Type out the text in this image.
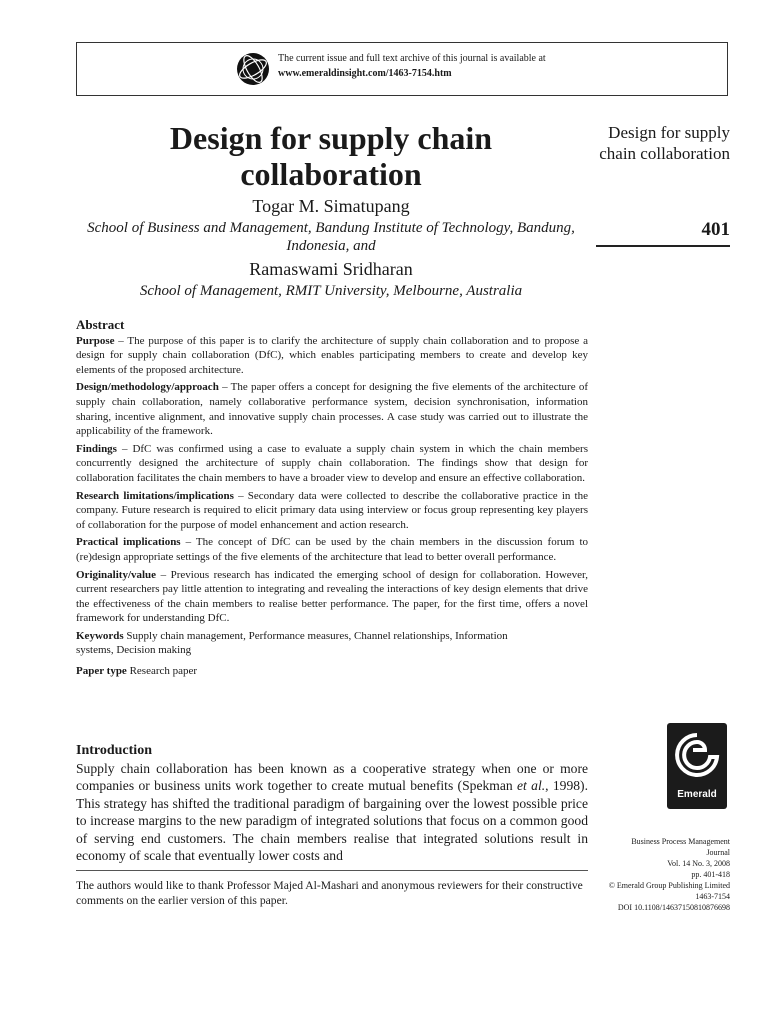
The current issue and full text archive of this journal is available at
www.emeraldinsight.com/1463-7154.htm
Design for supply chain collaboration
Togar M. Simatupang
School of Business and Management, Bandung Institute of Technology, Bandung, Indonesia, and
Ramaswami Sridharan
School of Management, RMIT University, Melbourne, Australia
Design for supply chain collaboration
401
Abstract

Purpose – The purpose of this paper is to clarify the architecture of supply chain collaboration and to propose a design for supply chain collaboration (DfC), which enables participating members to create and develop key elements of the proposed architecture.

Design/methodology/approach – The paper offers a concept for designing the five elements of the architecture of supply chain collaboration, namely collaborative performance system, decision synchronisation, information sharing, incentive alignment, and innovative supply chain processes. A case study was carried out to illustrate the applicability of the framework.

Findings – DfC was confirmed using a case to evaluate a supply chain system in which the chain members concurrently designed the architecture of supply chain collaboration. The findings show that design for collaboration facilitates the chain members to have a broader view to develop and ensure an effective collaboration.

Research limitations/implications – Secondary data were collected to describe the collaborative practice in the company. Future research is required to elicit primary data using interview or focus group representing key players of collaboration for the purpose of model enhancement and action research.

Practical implications – The concept of DfC can be used by the chain members in the discussion forum to (re)design appropriate settings of the five elements of the architecture that lead to better overall performance.

Originality/value – Previous research has indicated the emerging school of design for collaboration. However, current researchers pay little attention to integrating and revealing the interactions of key design elements that drive the effectiveness of the chain members to realise better performance. The paper, for the first time, offers a novel framework for understanding DfC.

Keywords Supply chain management, Performance measures, Channel relationships, Information systems, Decision making

Paper type Research paper

Introduction

Supply chain collaboration has been known as a cooperative strategy when one or more companies or business units work together to create mutual benefits (Spekman et al., 1998). This strategy has shifted the traditional paradigm of bargaining over the lowest possible price to increase margins to the new paradigm of integrated solutions that focus on a common good of serving end customers. The chain members realise that integrated solutions result in economy of scale that eventually lower costs and

The authors would like to thank Professor Majed Al-Mashari and anonymous reviewers for their constructive comments on the earlier version of this paper.
Emerald
Business Process Management
Journal
Vol. 14 No. 3, 2008
pp. 401-418
© Emerald Group Publishing Limited
1463-7154
DOI 10.1108/14637150810876698
